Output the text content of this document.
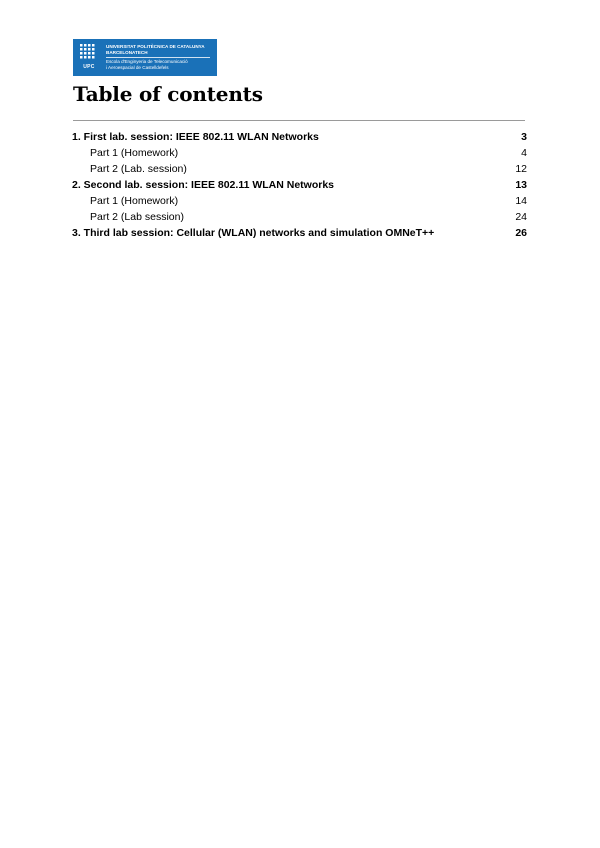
UPC
UNIVERSITAT POLITÈCNICA DE CATALUNYA
BARCELONATECH
Escola d'Enginyeria de Telecomunicació
i Aeroespacial de Castelldefels
Table of contents
1. First lab. session: IEEE 802.11 WLAN Networks	3
Part 1 (Homework)	4
Part 2 (Lab. session)	12
2. Second lab. session: IEEE 802.11 WLAN Networks	13
Part 1 (Homework)	14
Part 2 (Lab session)	24
3. Third lab session: Cellular (WLAN) networks and simulation OMNeT++	26
